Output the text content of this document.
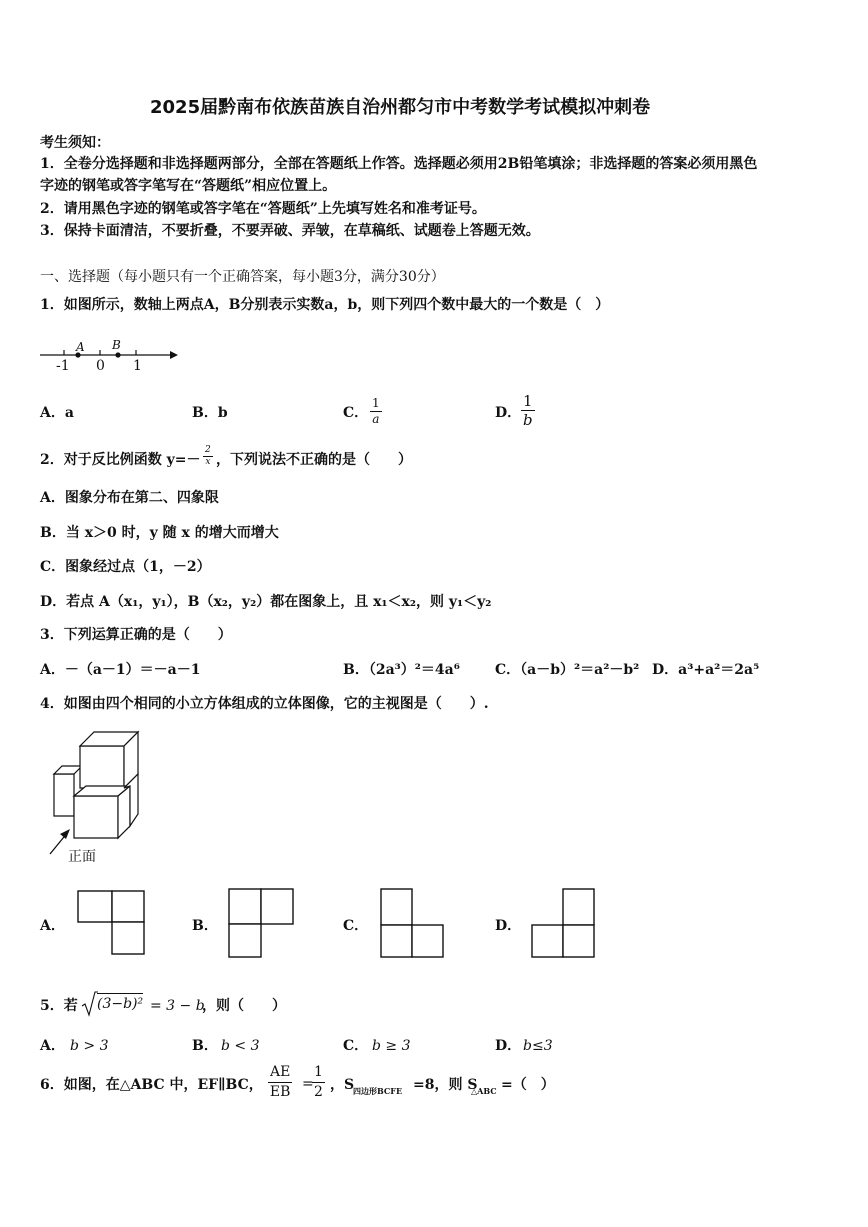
2025届黔南布依族苗族自治州都匀市中考数学考试模拟冲刺卷
考生须知：
1．全卷分选择题和非选择题两部分，全部在答题纸上作答。选择题必须用2B铅笔填涂；非选择题的答案必须用黑色
字迹的钢笔或答字笔写在“答题纸”相应位置上。
2．请用黑色字迹的钢笔或答字笔在“答题纸”上先填写姓名和准考证号。
3．保持卡面清洁，不要折叠，不要弄破、弄皱，在草稿纸、试题卷上答题无效。
一、选择题（每小题只有一个正确答案，每小题3分，满分30分）
1．如图所示，数轴上两点A，B分别表示实数a，b，则下列四个数中最大的一个数是（　）
A B
-1 0 1
A．a	B．b	C． $\frac{1}{a}$	D． $\frac{1}{b}$
2．对于反比例函数 $y=- \frac{2}{x}$ ，下列说法不正确的是（　　）
A．图象分布在第二、四象限
B．当 x＞0 时，y 随 x 的增大而增大
C．图象经过点（1，－2）
D．若点 A（x₁，y₁），B（x₂，y₂）都在图象上，且 x₁＜x₂，则 y₁＜y₂
3．下列运算正确的是（　　）
A．－（a－1）＝－a－1	B．（2a³）²＝4a⁶	C．（a－b）²＝a²－b² D．a³+a²＝2a⁵
4．如图由四个相同的小立方体组成的立体图像，它的主视图是（　　）.
正面
A．	B．	C．	D．
5．若 (3−b)² = 3 − b
，则（　　）
A． b > 3	B． b < 3	C． b ≥ 3	D． b≤3
6．如图，在△ABC 中，EF∥BC， $\frac{AE}{EB}$ =
$\frac{1}{2}$ ，S
四边形BCFE =8，则 S
△ABC =（　）
